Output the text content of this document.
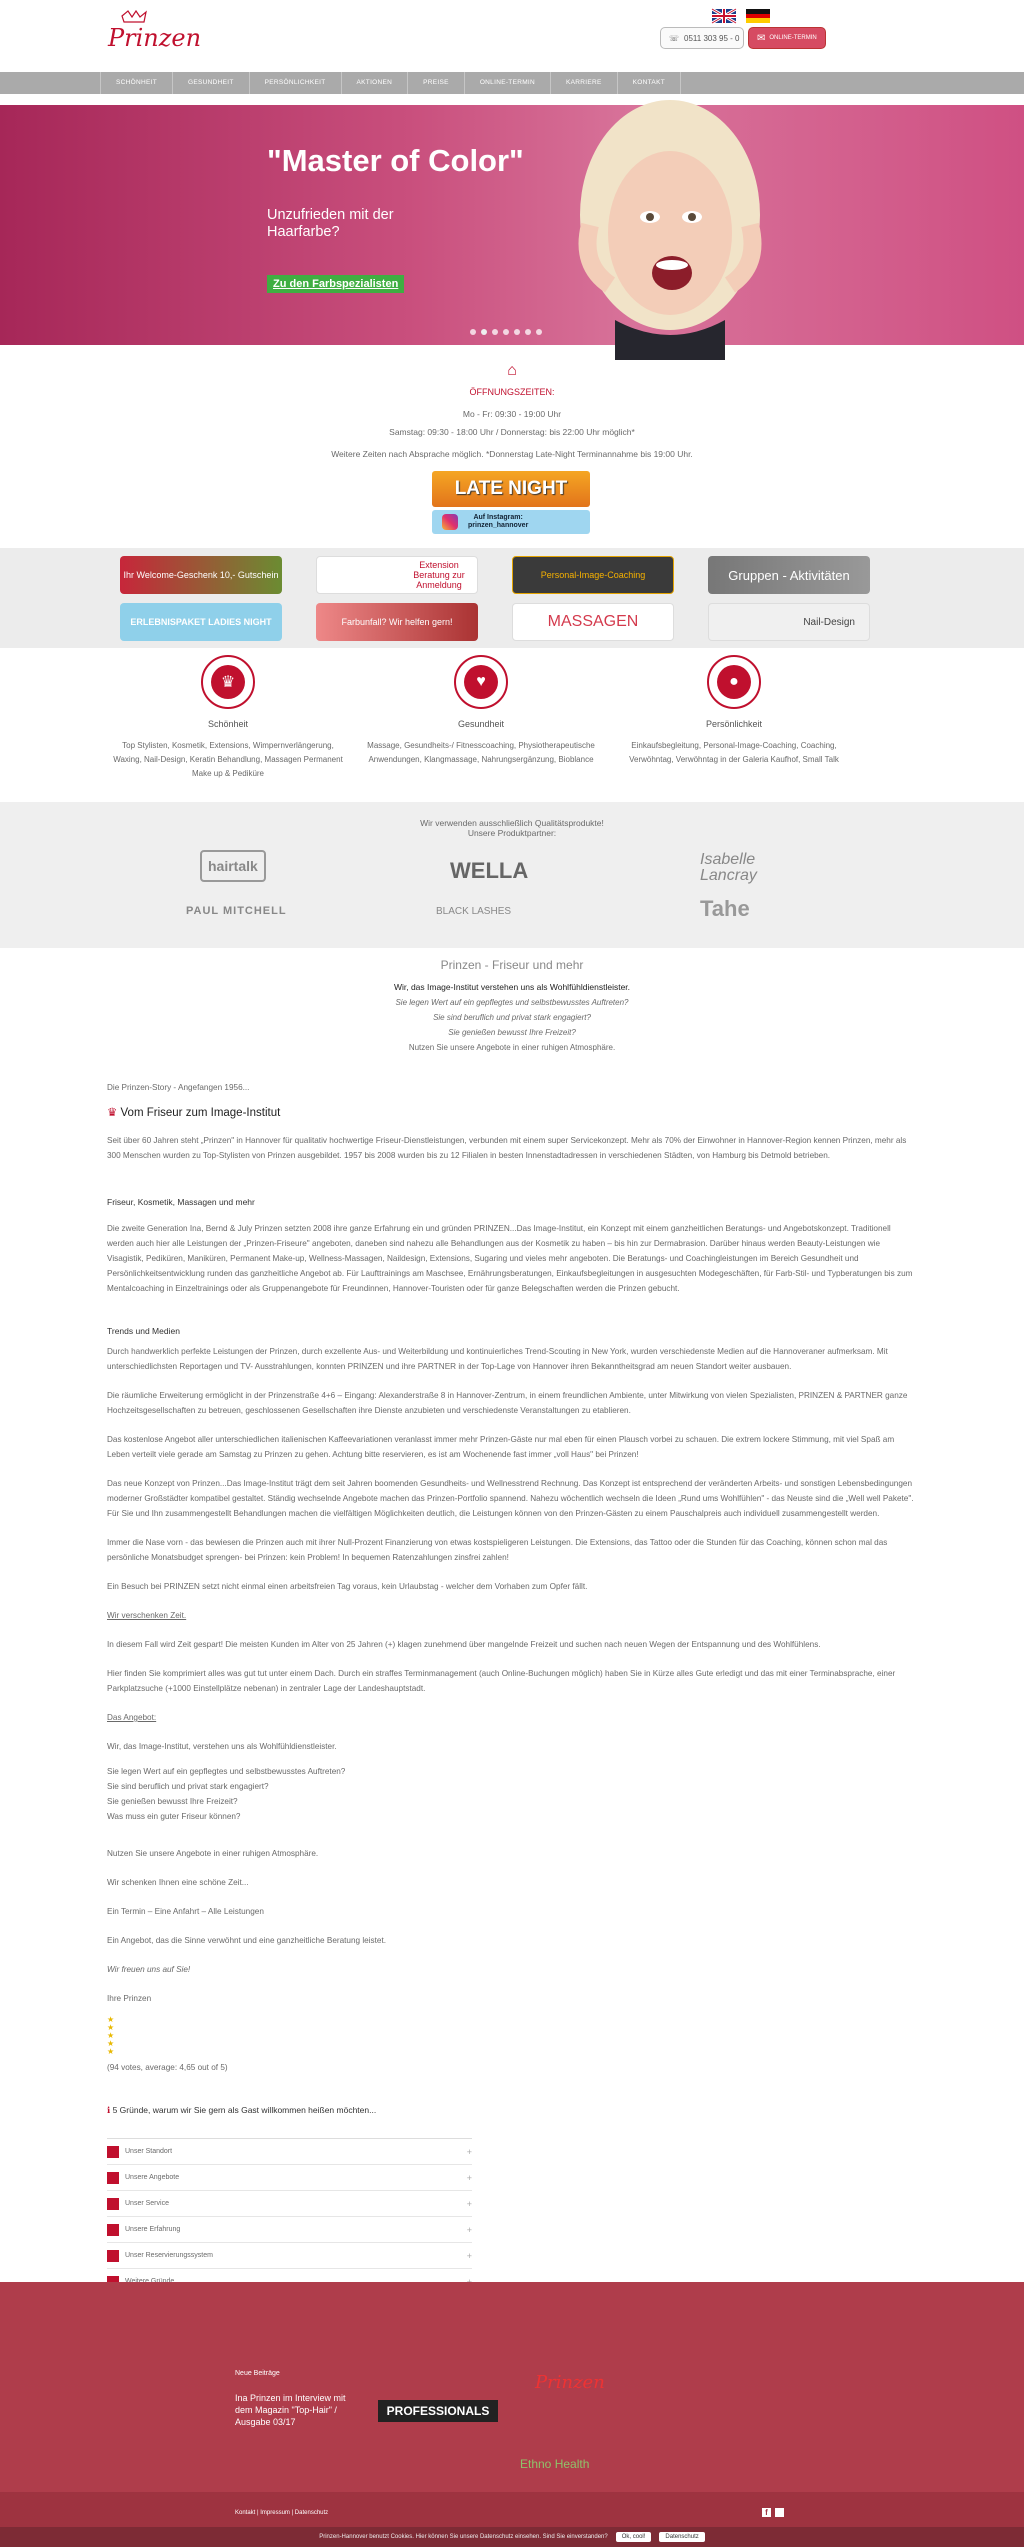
Prinzen	☏ 0511 303 95 - 0 ✉ ONLINE-TERMIN
SCHÖNHEIT	GESUNDHEIT	PERSÖNLICHKEIT	AKTIONEN	PREISE	ONLINE-TERMIN	KARRIERE	KONTAKT
"Master of Color"
Unzufrieden mit der Haarfarbe?
Zu den Farbspezialisten
⌂
ÖFFNUNGSZEITEN:
Mo - Fr: 09:30 - 19:00 Uhr
Samstag: 09:30 - 18:00 Uhr / Donnerstag: bis 22:00 Uhr möglich*
Weitere Zeiten nach Absprache möglich. *Donnerstag Late-Night Terminannahme bis 19:00 Uhr.
LATE NIGHT
Auf Instagram:
prinzen_hannover
Ihr Welcome-Geschenk 10,- Gutschein
Extension Beratung zur Anmeldung
Personal-Image-Coaching	Gruppen - Aktivitäten
ERLEBNISPAKET LADIES NIGHT	Farbunfall? Wir helfen gern!	MASSAGEN	Nail-Design
♛
Schönheit

Top Stylisten, Kosmetik, Extensions, Wimpernverlängerung, Waxing, Nail-Design, Keratin Behandlung, Massagen Permanent Make up & Pediküre

♥
Gesundheit

Massage, Gesundheits-/ Fitnesscoaching, Physiotherapeutische Anwendungen, Klangmassage, Nahrungsergänzung, Bioblance

●
Persönlichkeit

Einkaufsbegleitung, Personal-Image-Coaching, Coaching, Verwöhntag, Verwöhntag in der Galeria Kaufhof, Small Talk

Wir verwenden ausschließlich Qualitätsprodukte!
Unsere Produktpartner:
hairtalk	WELLA	Isabelle Lancray
PAUL MITCHELL	BLACK LASHES	Tahe
Prinzen - Friseur und mehr
Wir, das Image-Institut verstehen uns als Wohlfühldienstleister.
Sie legen Wert auf ein gepflegtes und selbstbewusstes Auftreten?
Sie sind beruflich und privat stark engagiert?
Sie genießen bewusst Ihre Freizeit?
Nutzen Sie unsere Angebote in einer ruhigen Atmosphäre.
Die Prinzen-Story - Angefangen 1956...
♛ Vom Friseur zum Image-Institut
Seit über 60 Jahren steht „Prinzen" in Hannover für qualitativ hochwertige Friseur-Dienstleistungen, verbunden mit einem super Servicekonzept. Mehr als 70% der Einwohner in Hannover-Region kennen Prinzen, mehr als 300 Menschen wurden zu Top-Stylisten von Prinzen ausgebildet. 1957 bis 2008 wurden bis zu 12 Filialen in besten Innenstadtadressen in verschiedenen Städten, von Hamburg bis Detmold betrieben.
Friseur, Kosmetik, Massagen und mehr
Die zweite Generation Ina, Bernd & July Prinzen setzten 2008 ihre ganze Erfahrung ein und gründen PRINZEN...Das Image-Institut, ein Konzept mit einem ganzheitlichen Beratungs- und Angebotskonzept. Traditionell werden auch hier alle Leistungen der „Prinzen-Friseure" angeboten, daneben sind nahezu alle Behandlungen aus der Kosmetik zu haben – bis hin zur Dermabrasion. Darüber hinaus werden Beauty-Leistungen wie Visagistik, Pediküren, Maniküren, Permanent Make-up, Wellness-Massagen, Naildesign, Extensions, Sugaring und vieles mehr angeboten. Die Beratungs- und Coachingleistungen im Bereich Gesundheit und Persönlichkeitsentwicklung runden das ganzheitliche Angebot ab. Für Laufttrainings am Maschsee, Ernährungsberatungen, Einkaufsbegleitungen in ausgesuchten Modegeschäften, für Farb-Stil- und Typberatungen bis zum Mentalcoaching in Einzeltrainings oder als Gruppenangebote für Freundinnen, Hannover-Touristen oder für ganze Belegschaften werden die Prinzen gebucht.
Trends und Medien
Durch handwerklich perfekte Leistungen der Prinzen, durch exzellente Aus- und Weiterbildung und kontinuierliches Trend-Scouting in New York, wurden verschiedenste Medien auf die Hannoveraner aufmerksam. Mit unterschiedlichsten Reportagen und TV- Ausstrahlungen, konnten PRINZEN und ihre PARTNER in der Top-Lage von Hannover ihren Bekanntheitsgrad am neuen Standort weiter ausbauen.
Die räumliche Erweiterung ermöglicht in der Prinzenstraße 4+6 – Eingang: Alexanderstraße 8 in Hannover-Zentrum, in einem freundlichen Ambiente, unter Mitwirkung von vielen Spezialisten, PRINZEN & PARTNER ganze Hochzeitsgesellschaften zu betreuen, geschlossenen Gesellschaften ihre Dienste anzubieten und verschiedenste Veranstaltungen zu etablieren.
Das kostenlose Angebot aller unterschiedlichen italienischen Kaffeevariationen veranlasst immer mehr Prinzen-Gäste nur mal eben für einen Plausch vorbei zu schauen. Die extrem lockere Stimmung, mit viel Spaß am Leben verteilt viele gerade am Samstag zu Prinzen zu gehen. Achtung bitte reservieren, es ist am Wochenende fast immer „voll Haus" bei Prinzen!
Das neue Konzept von Prinzen...Das Image-Institut trägt dem seit Jahren boomenden Gesundheits- und Wellnesstrend Rechnung. Das Konzept ist entsprechend der veränderten Arbeits- und sonstigen Lebensbedingungen moderner Großstädter kompatibel gestaltet. Ständig wechselnde Angebote machen das Prinzen-Portfolio spannend. Nahezu wöchentlich wechseln die Ideen „Rund ums Wohlfühlen" - das Neuste sind die „Well well Pakete". Für Sie und Ihn zusammengestellt Behandlungen machen die vielfältigen Möglichkeiten deutlich, die Leistungen können von den Prinzen-Gästen zu einem Pauschalpreis auch individuell zusammengestellt werden.
Immer die Nase vorn - das bewiesen die Prinzen auch mit ihrer Null-Prozent Finanzierung von etwas kostspieligeren Leistungen. Die Extensions, das Tattoo oder die Stunden für das Coaching, können schon mal das persönliche Monatsbudget sprengen- bei Prinzen: kein Problem! In bequemen Ratenzahlungen zinsfrei zahlen!
Ein Besuch bei PRINZEN setzt nicht einmal einen arbeitsfreien Tag voraus, kein Urlaubstag - welcher dem Vorhaben zum Opfer fällt.
Wir verschenken Zeit.
In diesem Fall wird Zeit gespart! Die meisten Kunden im Alter von 25 Jahren (+) klagen zunehmend über mangelnde Freizeit und suchen nach neuen Wegen der Entspannung und des Wohlfühlens.
Hier finden Sie komprimiert alles was gut tut unter einem Dach. Durch ein straffes Terminmanagement (auch Online-Buchungen möglich) haben Sie in Kürze alles Gute erledigt und das mit einer Terminabsprache, einer Parkplatzsuche (+1000 Einstellplätze nebenan) in zentraler Lage der Landeshauptstadt.
Das Angebot:
Wir, das Image-Institut, verstehen uns als Wohlfühldienstleister.
Sie legen Wert auf ein gepflegtes und selbstbewusstes Auftreten?
Sie sind beruflich und privat stark engagiert?
Sie genießen bewusst Ihre Freizeit?
Was muss ein guter Friseur können?
Nutzen Sie unsere Angebote in einer ruhigen Atmosphäre.
Wir schenken Ihnen eine schöne Zeit...
Ein Termin – Eine Anfahrt – Alle Leistungen
Ein Angebot, das die Sinne verwöhnt und eine ganzheitliche Beratung leistet.
Wir freuen uns auf Sie!
Ihre Prinzen
★
★
★
★
★
(94 votes, average: 4,65 out of 5)
ℹ 5 Gründe, warum wir Sie gern als Gast willkommen heißen möchten...
Unser Standort	+
Unsere Angebote	+
Unser Service	+
Unsere Erfahrung	+
Unser Reservierungssystem	+
Neue Beiträge
Ina Prinzen im Interview mit dem Magazin "Top-Hair" / Ausgabe 03/17
PROFESSIONALS
Prinzen
Ethno Health
Kontakt | Impressum | Datenschutz	f
Prinzen-Hannover benutzt Cookies. Hier können Sie unsere Datenschutz einsehen. Sind Sie einverstanden?	Ok, cool!	Datenschutz
